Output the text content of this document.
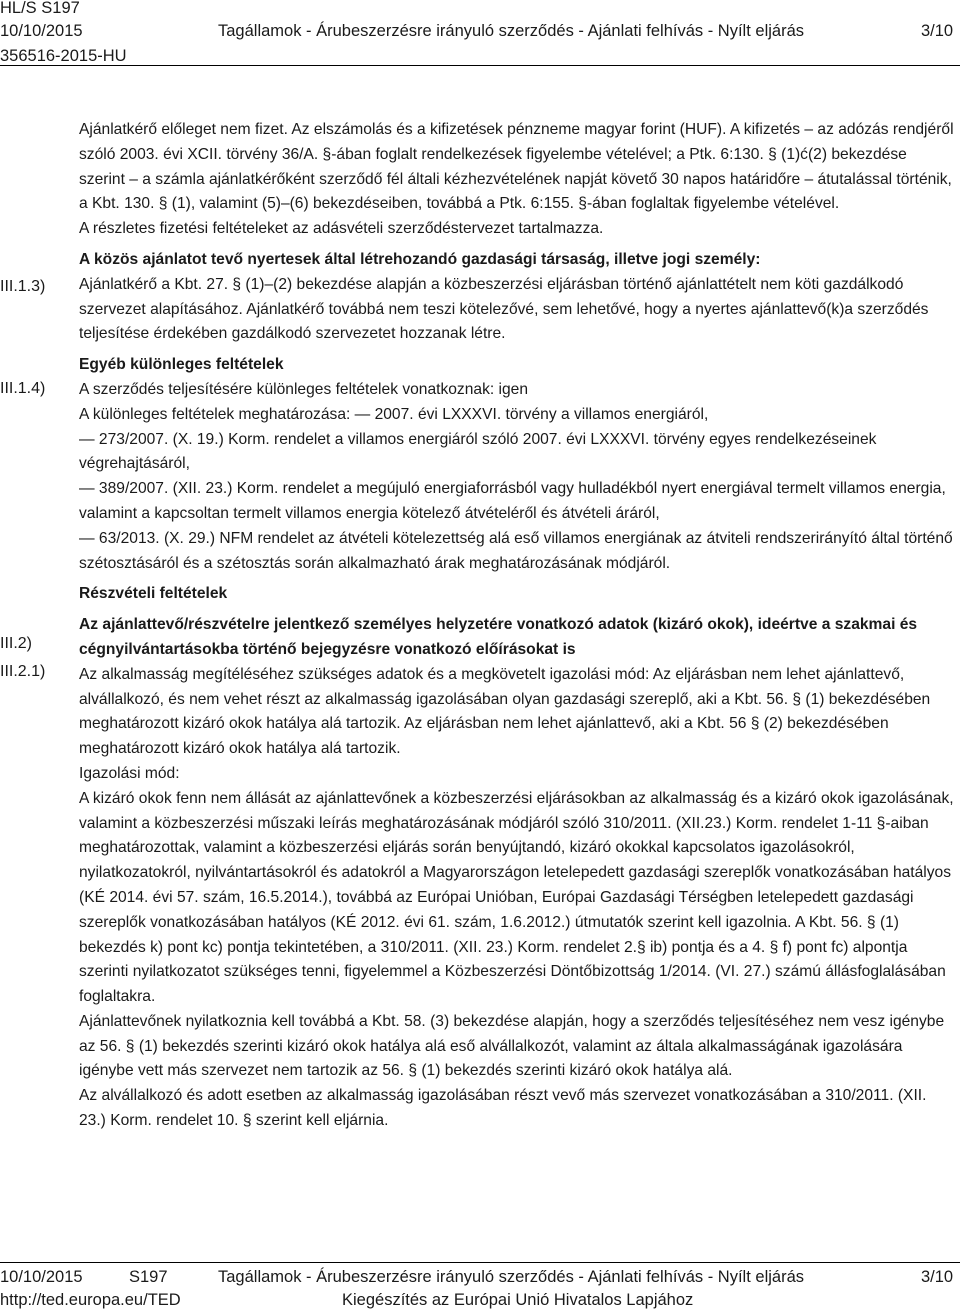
HL/S S197
10/10/2015	Tagállamok - Árubeszerzésre irányuló szerződés - Ajánlati felhívás - Nyílt eljárás	3/10
356516-2015-HU
III.1.3)
III.1.4)
III.2)
III.2.1)

Ajánlatkérő előleget nem fizet. Az elszámolás és a kifizetések pénzneme magyar forint (HUF). A kifizetés – az adózás rendjéről szóló 2003. évi XCII. törvény 36/A. §-ában foglalt rendelkezések figyelembe vételével; a Ptk. 6:130. § (1)ć(2) bekezdése szerint – a számla ajánlatkérőként szerződő fél általi kézhezvételének napját követő 30 napos határidőre – átutalással történik, a Kbt. 130. § (1), valamint (5)–(6) bekezdéseiben, továbbá a Ptk. 6:155. §-ában foglaltak figyelembe vételével.

A részletes fizetési feltételeket az adásvételi szerződéstervezet tartalmazza.

A közös ajánlatot tevő nyertesek által létrehozandó gazdasági társaság, illetve jogi személy:

Ajánlatkérő a Kbt. 27. § (1)–(2) bekezdése alapján a közbeszerzési eljárásban történő ajánlattételt nem köti gazdálkodó szervezet alapításához. Ajánlatkérő továbbá nem teszi kötelezővé, sem lehetővé, hogy a nyertes ajánlattevő(k)a szerződés teljesítése érdekében gazdálkodó szervezetet hozzanak létre.

Egyéb különleges feltételek

A szerződés teljesítésére különleges feltételek vonatkoznak: igen

A különleges feltételek meghatározása: — 2007. évi LXXXVI. törvény a villamos energiáról,

— 273/2007. (X. 19.) Korm. rendelet a villamos energiáról szóló 2007. évi LXXXVI. törvény egyes rendelkezéseinek végrehajtásáról,

— 389/2007. (XII. 23.) Korm. rendelet a megújuló energiaforrásból vagy hulladékból nyert energiával termelt villamos energia, valamint a kapcsoltan termelt villamos energia kötelező átvételéről és átvételi áráról,

— 63/2013. (X. 29.) NFM rendelet az átvételi kötelezettség alá eső villamos energiának az átviteli rendszerirányító által történő szétosztásáról és a szétosztás során alkalmazható árak meghatározásának módjáról.

Részvételi feltételek

Az ajánlattevő/részvételre jelentkező személyes helyzetére vonatkozó adatok (kizáró okok), ideértve a szakmai és cégnyilvántartásokba történő bejegyzésre vonatkozó előírásokat is

Az alkalmasság megítéléséhez szükséges adatok és a megkövetelt igazolási mód: Az eljárásban nem lehet ajánlattevő, alvállalkozó, és nem vehet részt az alkalmasság igazolásában olyan gazdasági szereplő, aki a Kbt. 56. § (1) bekezdésében meghatározott kizáró okok hatálya alá tartozik. Az eljárásban nem lehet ajánlattevő, aki a Kbt. 56 § (2) bekezdésében meghatározott kizáró okok hatálya alá tartozik.

Igazolási mód:

A kizáró okok fenn nem állását az ajánlattevőnek a közbeszerzési eljárásokban az alkalmasság és a kizáró okok igazolásának, valamint a közbeszerzési műszaki leírás meghatározásának módjáról szóló 310/2011. (XII.23.) Korm. rendelet 1-11 §-aiban meghatározottak, valamint a közbeszerzési eljárás során benyújtandó, kizáró okokkal kapcsolatos igazolásokról, nyilatkozatokról, nyilvántartásokról és adatokról a Magyarországon letelepedett gazdasági szereplők vonatkozásában hatályos (KÉ 2014. évi 57. szám, 16.5.2014.), továbbá az Európai Unióban, Európai Gazdasági Térségben letelepedett gazdasági szereplők vonatkozásában hatályos (KÉ 2012. évi 61. szám, 1.6.2012.) útmutatók szerint kell igazolnia. A Kbt. 56. § (1) bekezdés k) pont kc) pontja tekintetében, a 310/2011. (XII. 23.) Korm. rendelet 2.§ ib) pontja és a 4. § f) pont fc) alpontja szerinti nyilatkozatot szükséges tenni, figyelemmel a Közbeszerzési Döntőbizottság 1/2014. (VI. 27.) számú állásfoglalásában foglaltakra.

Ajánlattevőnek nyilatkoznia kell továbbá a Kbt. 58. (3) bekezdése alapján, hogy a szerződés teljesítéséhez nem vesz igénybe az 56. § (1) bekezdés szerinti kizáró okok hatálya alá eső alvállalkozót, valamint az általa alkalmasságának igazolására igénybe vett más szervezet nem tartozik az 56. § (1) bekezdés szerinti kizáró okok hatálya alá.

Az alvállalkozó és adott esetben az alkalmasság igazolásában részt vevő más szervezet vonatkozásában a 310/2011. (XII. 23.) Korm. rendelet 10. § szerint kell eljárnia.

10/10/2015	S197	Tagállamok - Árubeszerzésre irányuló szerződés - Ajánlati felhívás - Nyílt eljárás	3/10
http://ted.europa.eu/TED	Kiegészítés az Európai Unió Hivatalos Lapjához
